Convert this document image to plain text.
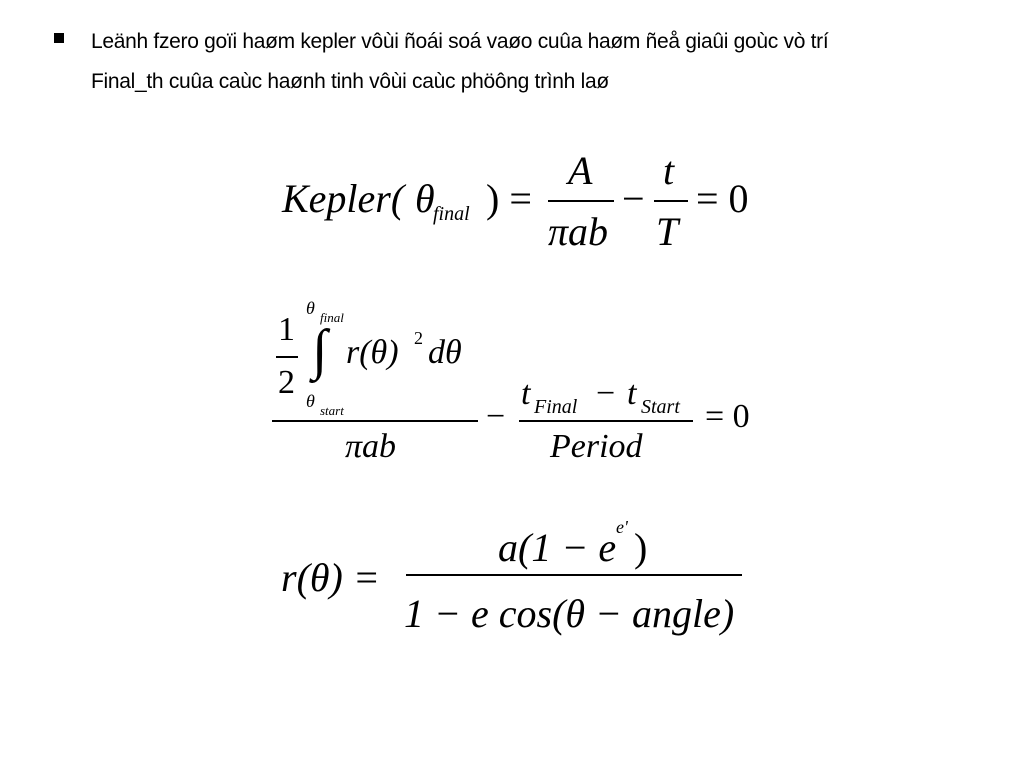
Leänh fzero goïi haøm kepler vôùi ñoái soá vaøo cuûa haøm ñeå giaûi goùc vò trí
Final_th cuûa caùc haønh tinh vôùi caùc phöông trình laø
Kepler( θ
final ) =
A
πab
−
t
T
= 0
1
2
θ final
∫
θ start
r(θ) 2 dθ
πab
−
t Final − t Start
Period
= 0
r(θ) =
a(1 − e e' )
1 − e cos(θ − angle)
